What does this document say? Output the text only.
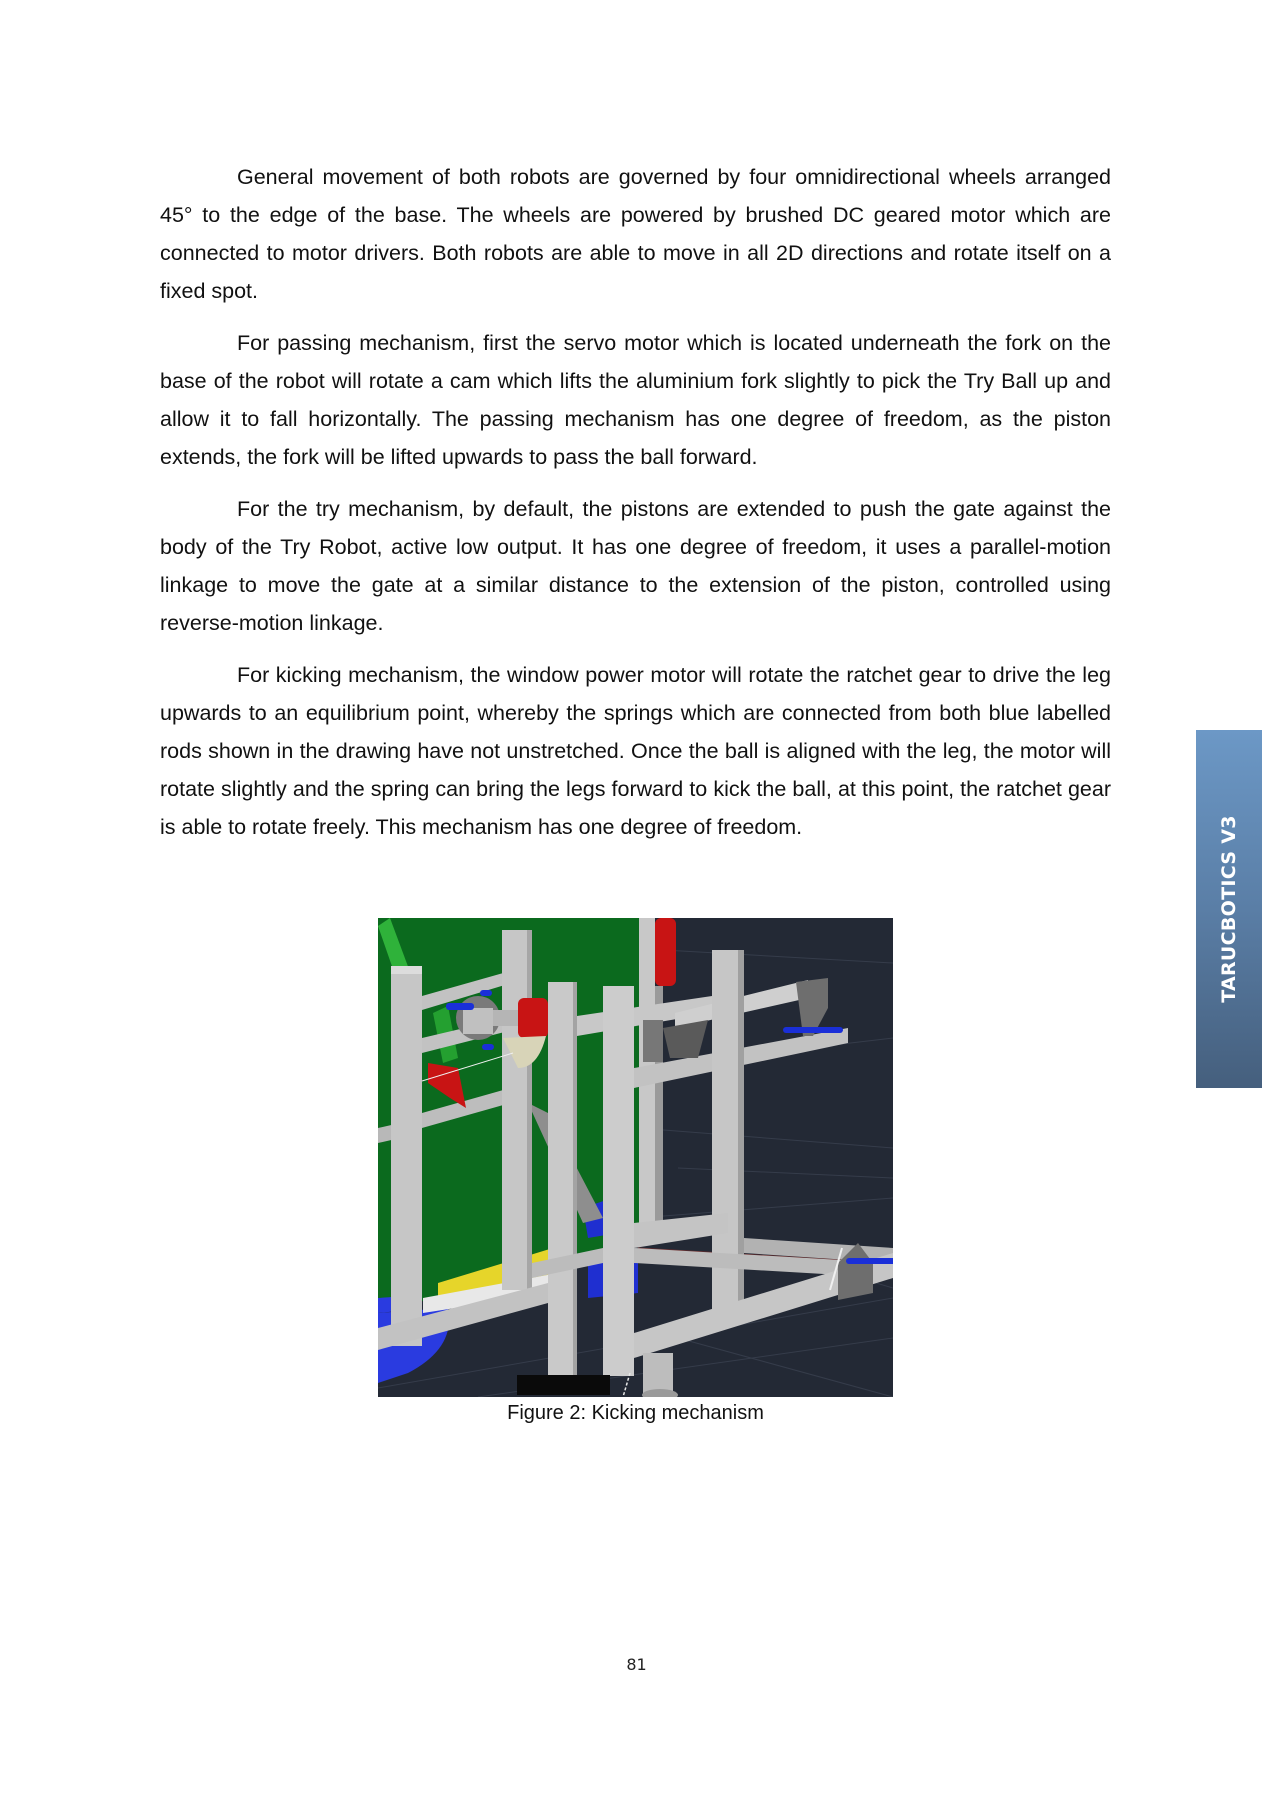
General movement of both robots are governed by four omnidirectional wheels arranged 45° to the edge of the base. The wheels are powered by brushed DC geared motor which are connected to motor drivers. Both robots are able to move in all 2D directions and rotate itself on a fixed spot.

For passing mechanism, first the servo motor which is located underneath the fork on the base of the robot will rotate a cam which lifts the aluminium fork slightly to pick the Try Ball up and allow it to fall horizontally. The passing mechanism has one degree of freedom, as the piston extends, the fork will be lifted upwards to pass the ball forward.

For the try mechanism, by default, the pistons are extended to push the gate against the body of the Try Robot, active low output. It has one degree of freedom, it uses a parallel-motion linkage to move the gate at a similar distance to the extension of the piston, controlled using reverse-motion linkage.

For kicking mechanism, the window power motor will rotate the ratchet gear to drive the leg upwards to an equilibrium point, whereby the springs which are connected from both blue labelled rods shown in the drawing have not unstretched. Once the ball is aligned with the leg, the motor will rotate slightly and the spring can bring the legs forward to kick the ball, at this point, the ratchet gear is able to rotate freely. This mechanism has one degree of freedom.

Figure 2: Kicking mechanism
81
TARUCBOTICS V3
